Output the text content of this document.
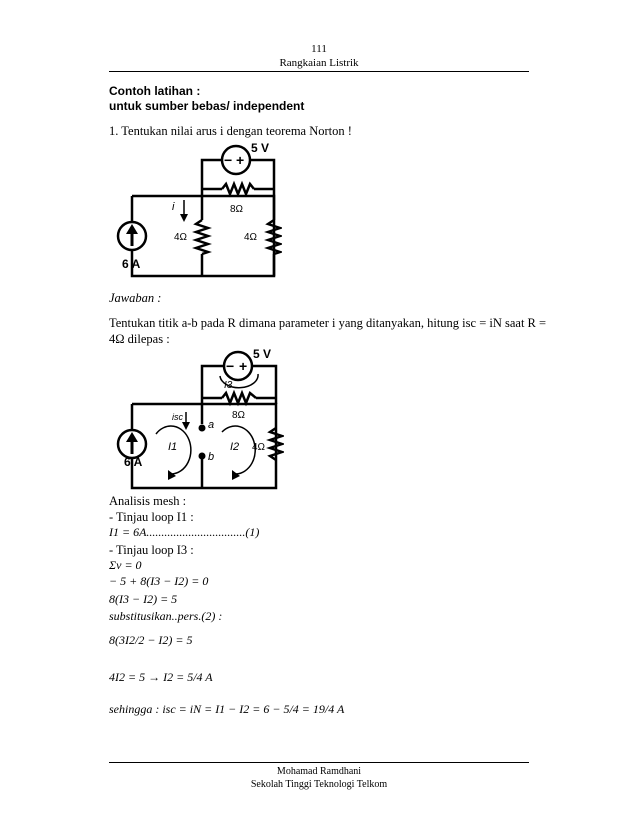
111
Rangkaian Listrik
Contoh latihan :
untuk sumber bebas/ independent
1. Tentukan nilai arus i dengan teorema Norton !
− +
5 V
6 A
8Ω
4Ω	4Ω
i
Jawaban :
Tentukan titik a-b pada R dimana parameter i yang ditanyakan, hitung isc = iN saat R =
4Ω dilepas :
− +
5 V
I3
6 A
I1	I2
isc
a
b
8Ω
4Ω
Analisis mesh :
- Tinjau loop I1 :
I1 = 6A.................................(1)
- Tinjau loop I3 :
Σv = 0
− 5 + 8(I3 − I2) = 0
8(I3 − I2) = 5
substitusikan..pers.(2) :
8(3I2/2 − I2) = 5
4I2 = 5 → I2 = 5/4 A
sehingga : isc = iN = I1 − I2 = 6 − 5/4 = 19/4 A
Mohamad Ramdhani
Sekolah Tinggi Teknologi Telkom
